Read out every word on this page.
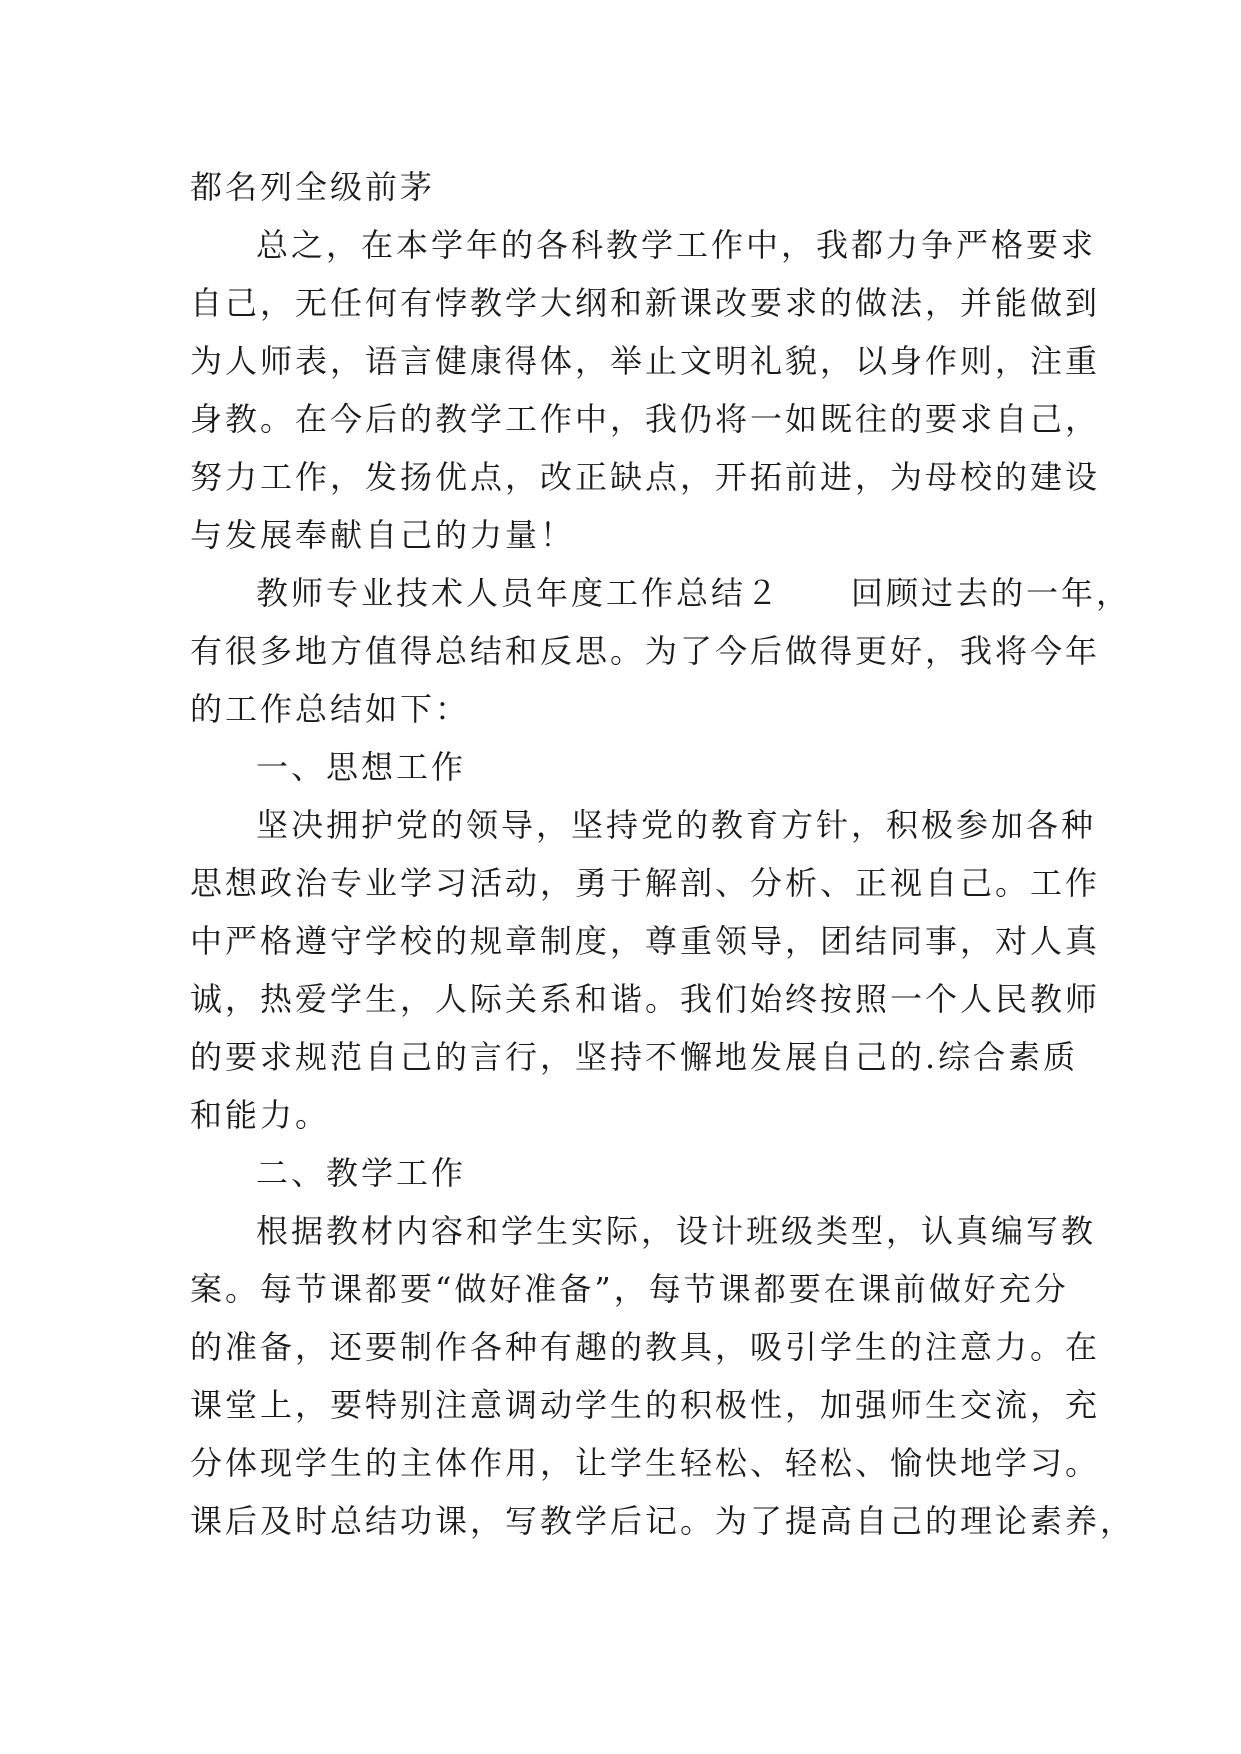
都名列全级前茅
总之，在本学年的各科教学工作中，我都力争严格要求
自己，无任何有悖教学大纲和新课改要求的做法，并能做到
为人师表，语言健康得体，举止文明礼貌，以身作则，注重
身教。在今后的教学工作中，我仍将一如既往的要求自己，
努力工作，发扬优点，改正缺点，开拓前进，为母校的建设
与发展奉献自己的力量！
教师专业技术人员年度工作总结２　　回顾过去的一年，
有很多地方值得总结和反思。为了今后做得更好，我将今年
的工作总结如下：
一、思想工作
坚决拥护党的领导，坚持党的教育方针，积极参加各种
思想政治专业学习活动，勇于解剖、分析、正视自己。工作
中严格遵守学校的规章制度，尊重领导，团结同事，对人真
诚，热爱学生，人际关系和谐。我们始终按照一个人民教师
的要求规范自己的言行，坚持不懈地发展自己的.综合素质
和能力。
二、教学工作
根据教材内容和学生实际，设计班级类型，认真编写教
案。每节课都要“做好准备”，每节课都要在课前做好充分
的准备，还要制作各种有趣的教具，吸引学生的注意力。在
课堂上，要特别注意调动学生的积极性，加强师生交流，充
分体现学生的主体作用，让学生轻松、轻松、愉快地学习。
课后及时总结功课，写教学后记。为了提高自己的理论素养，
